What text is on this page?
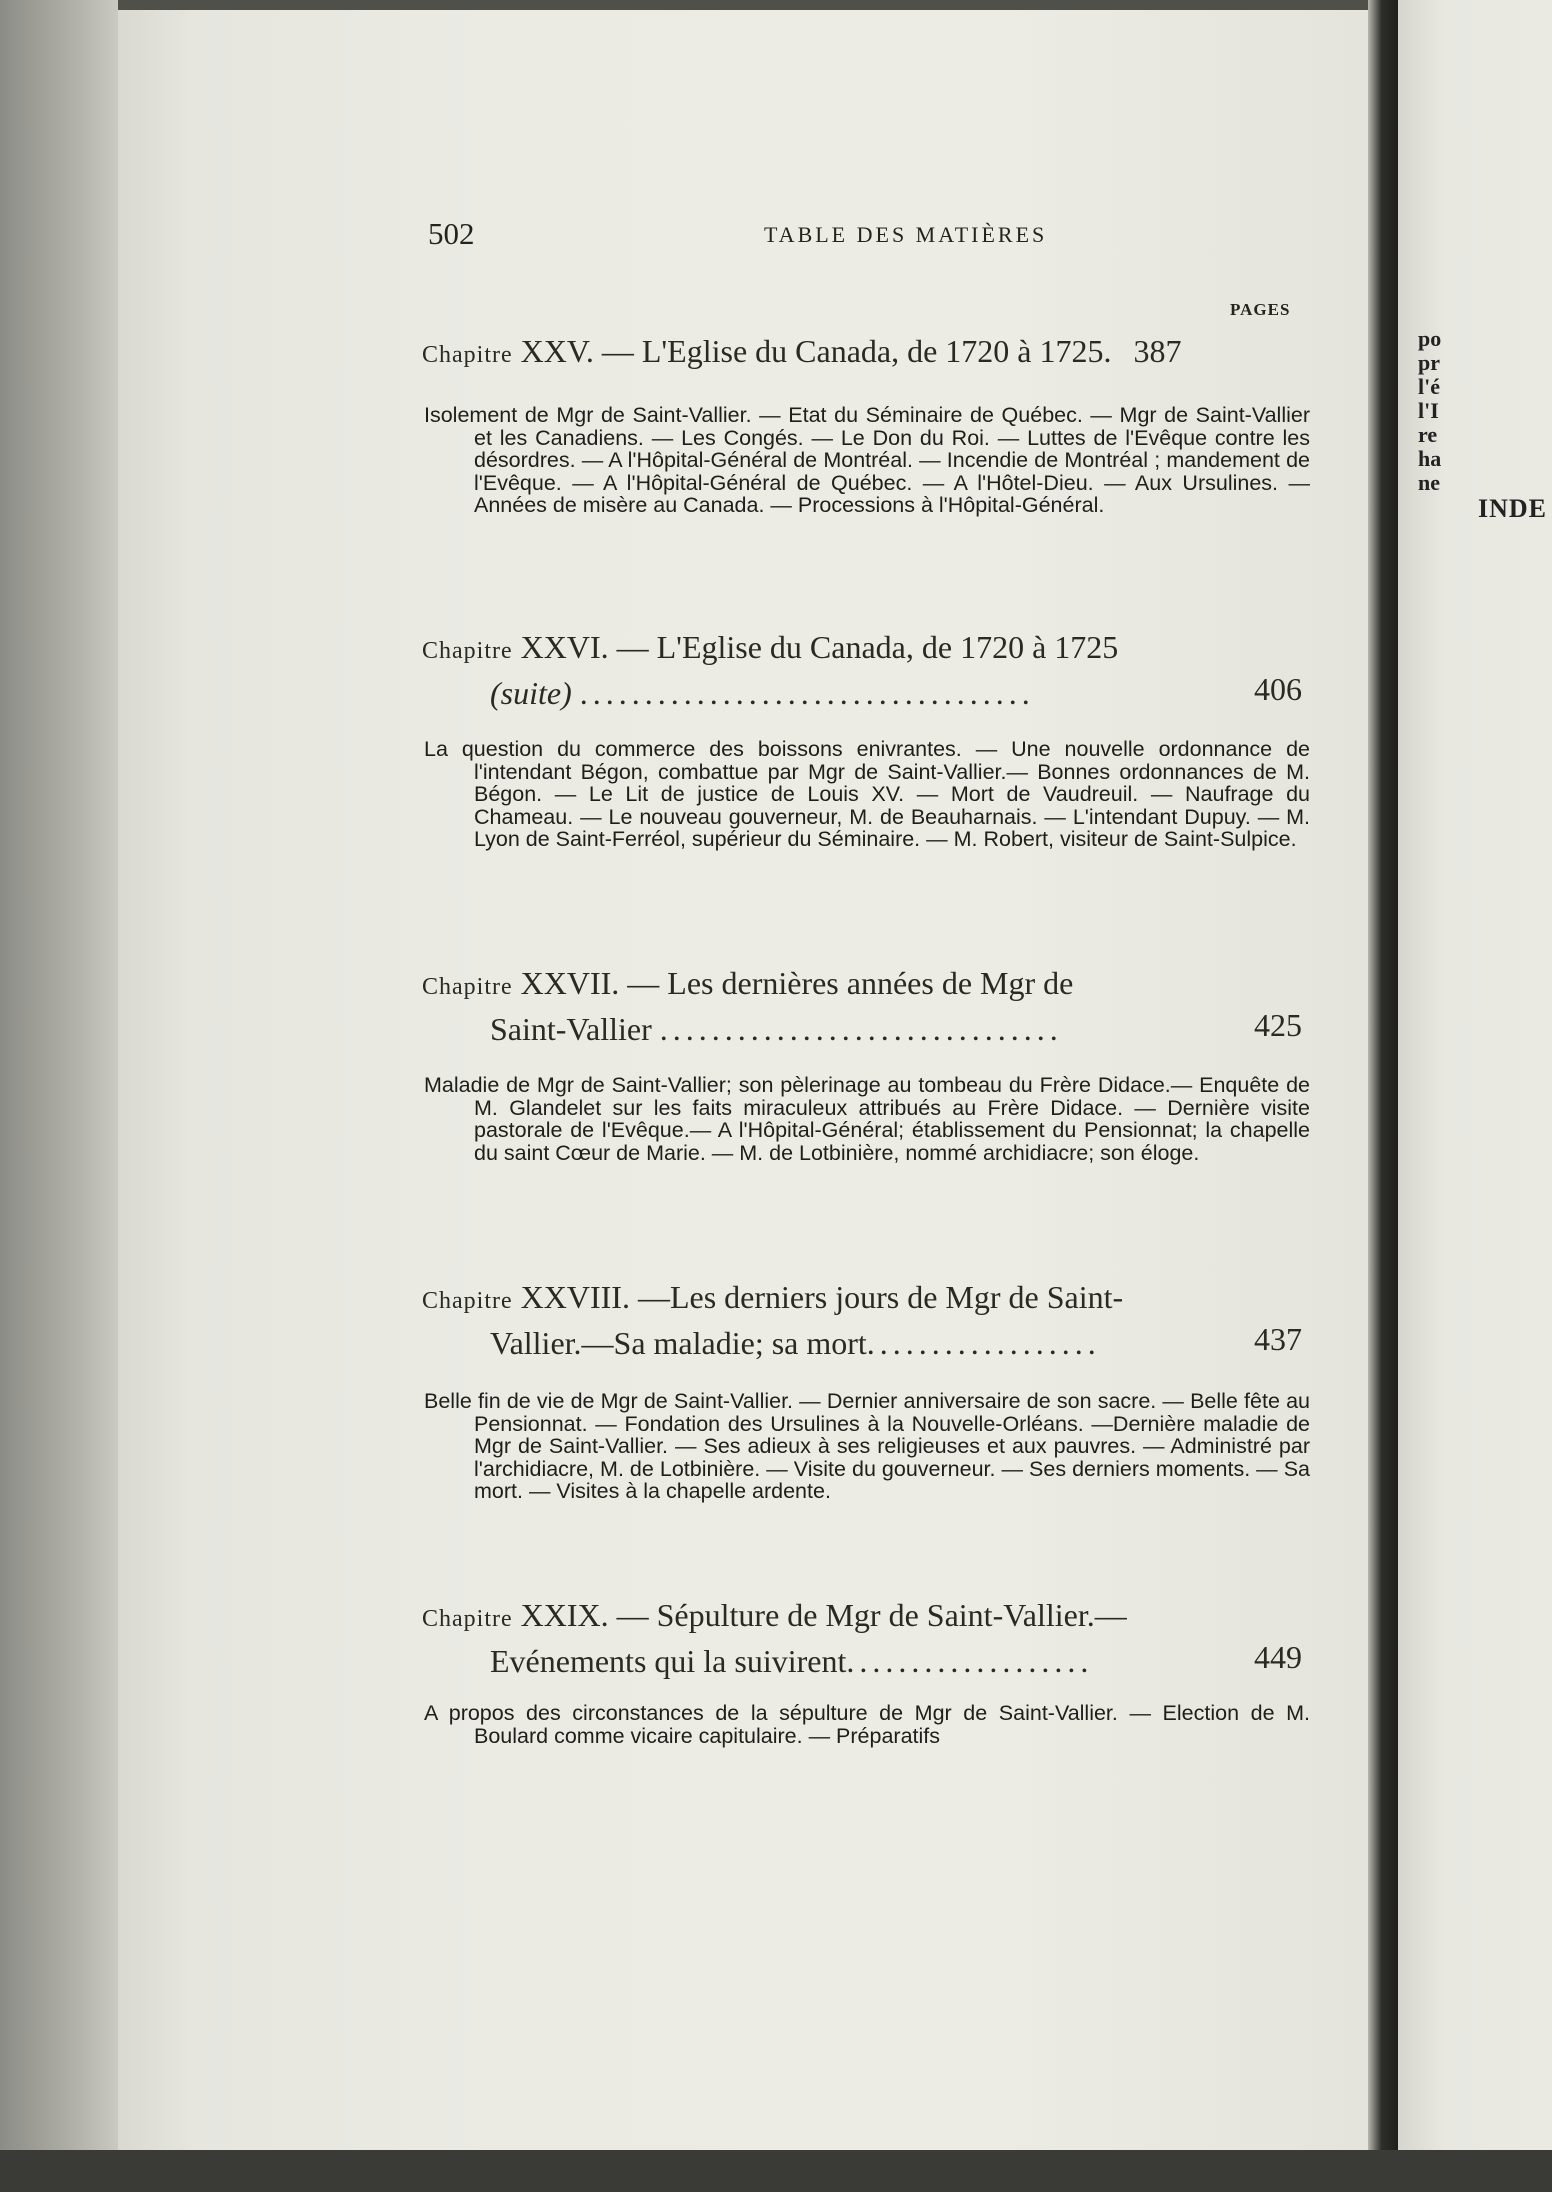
502	TABLE DES MATIÈRES
PAGES
Chapitre XXV. — L'Eglise du Canada, de 1720 à 1725. 387
Isolement de Mgr de Saint-Vallier. — Etat du Séminaire de Québec. — Mgr de Saint-Vallier et les Canadiens. — Les Congés. — Le Don du Roi. — Luttes de l'Evêque contre les désordres. — A l'Hôpital-Général de Montréal. — Incendie de Montréal ; mandement de l'Evêque. — A l'Hôpital-Général de Québec. — A l'Hôtel-Dieu. — Aux Ursulines. — Années de misère au Canada. — Processions à l'Hôpital-Général.
Chapitre XXVI. — L'Eglise du Canada, de 1720 à 1725
(suite) ...................................	406
La question du commerce des boissons enivrantes. — Une nouvelle ordonnance de l'intendant Bégon, combattue par Mgr de Saint-Vallier.— Bonnes ordonnances de M. Bégon. — Le Lit de justice de Louis XV. — Mort de Vaudreuil. — Naufrage du Chameau. — Le nouveau gouverneur, M. de Beauharnais. — L'intendant Dupuy. — M. Lyon de Saint-Ferréol, supérieur du Séminaire. — M. Robert, visiteur de Saint-Sulpice.
Chapitre XXVII. — Les dernières années de Mgr de
Saint-Vallier ...............................	425
Maladie de Mgr de Saint-Vallier; son pèlerinage au tombeau du Frère Didace.— Enquête de M. Glandelet sur les faits miraculeux attribués au Frère Didace. — Dernière visite pastorale de l'Evêque.— A l'Hôpital-Général; établissement du Pensionnat; la chapelle du saint Cœur de Marie. — M. de Lotbinière, nommé archidiacre; son éloge.
Chapitre XXVIII. —Les derniers jours de Mgr de Saint-
Vallier.—Sa maladie; sa mort..................	437
Belle fin de vie de Mgr de Saint-Vallier. — Dernier anniversaire de son sacre. — Belle fête au Pensionnat. — Fondation des Ursulines à la Nouvelle-Orléans. —Dernière maladie de Mgr de Saint-Vallier. — Ses adieux à ses religieuses et aux pauvres. — Administré par l'archidiacre, M. de Lotbinière. — Visite du gouverneur. — Ses derniers moments. — Sa mort. — Visites à la chapelle ardente.
Chapitre XXIX. — Sépulture de Mgr de Saint-Vallier.—
Evénements qui la suivirent...................	449
A propos des circonstances de la sépulture de Mgr de Saint-Vallier. — Election de M. Boulard comme vicaire capitulaire. — Préparatifs
po
pr
l'é
l'I
re
ha
ne
INDE
